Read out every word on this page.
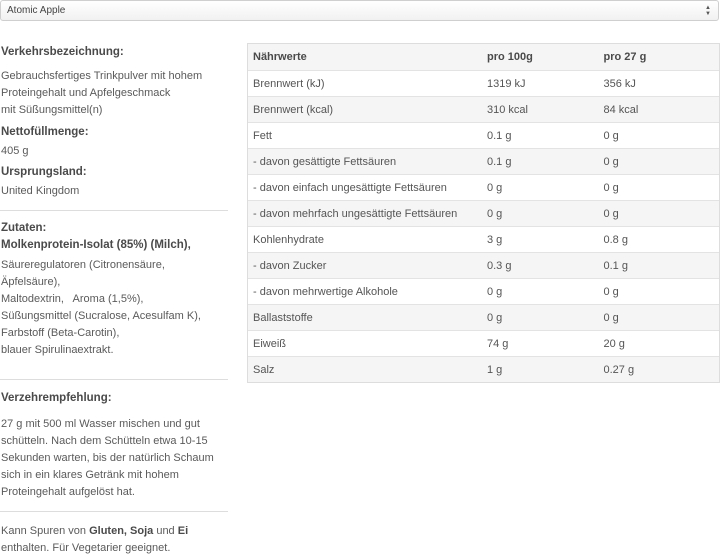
Atomic Apple	▲
▼
Verkehrsbezeichnung:
Gebrauchsfertiges Trinkpulver mit hohem
Proteingehalt und Apfelgeschmack
mit Süßungsmittel(n)
Nettofüllmenge:
405 g
Ursprungsland:
United Kingdom
Zutaten:
Molkenprotein-Isolat (85%) (Milch),
Säureregulatoren (Citronensäure,
Äpfelsäure),
Maltodextrin,   Aroma (1,5%),
Süßungsmittel (Sucralose, Acesulfam K),
Farbstoff (Beta-Carotin),
blauer Spirulinaextrakt.
Verzehrempfehlung:
27 g mit 500 ml Wasser mischen und gut
schütteln. Nach dem Schütteln etwa 10-15
Sekunden warten, bis der natürlich Schaum
sich in ein klares Getränk mit hohem
Proteingehalt aufgelöst hat.
Kann Spuren von Gluten, Soja und Ei
enthalten. Für Vegetarier geeignet.
Nährwerte	pro 100g	pro 27 g
Brennwert (kJ)	1319 kJ	356 kJ
Brennwert (kcal)	310 kcal	84 kcal
Fett	0.1 g	0 g
- davon gesättigte Fettsäuren	0.1 g	0 g
- davon einfach ungesättigte Fettsäuren	0 g	0 g
- davon mehrfach ungesättigte Fettsäuren	0 g	0 g
Kohlenhydrate	3 g	0.8 g
- davon Zucker	0.3 g	0.1 g
- davon mehrwertige Alkohole	0 g	0 g
Ballaststoffe	0 g	0 g
Eiweiß	74 g	20 g
Salz	1 g	0.27 g
